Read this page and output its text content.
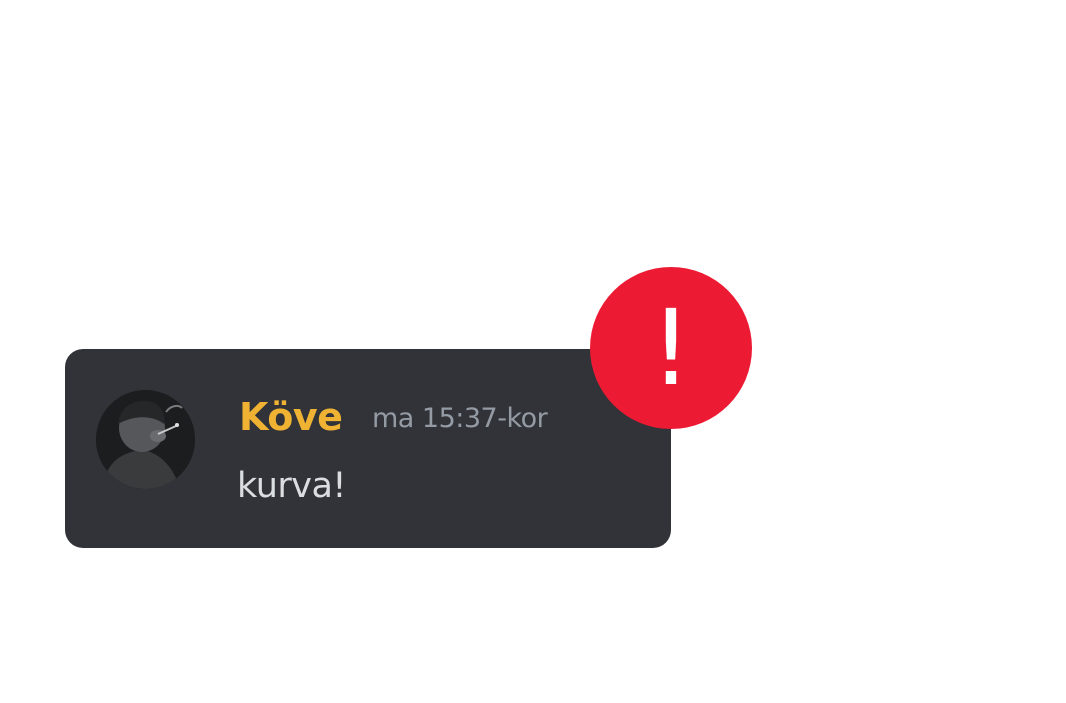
" Hogyan lépek szintet? "
Köve ma 15:37-kor
kurva!
!
